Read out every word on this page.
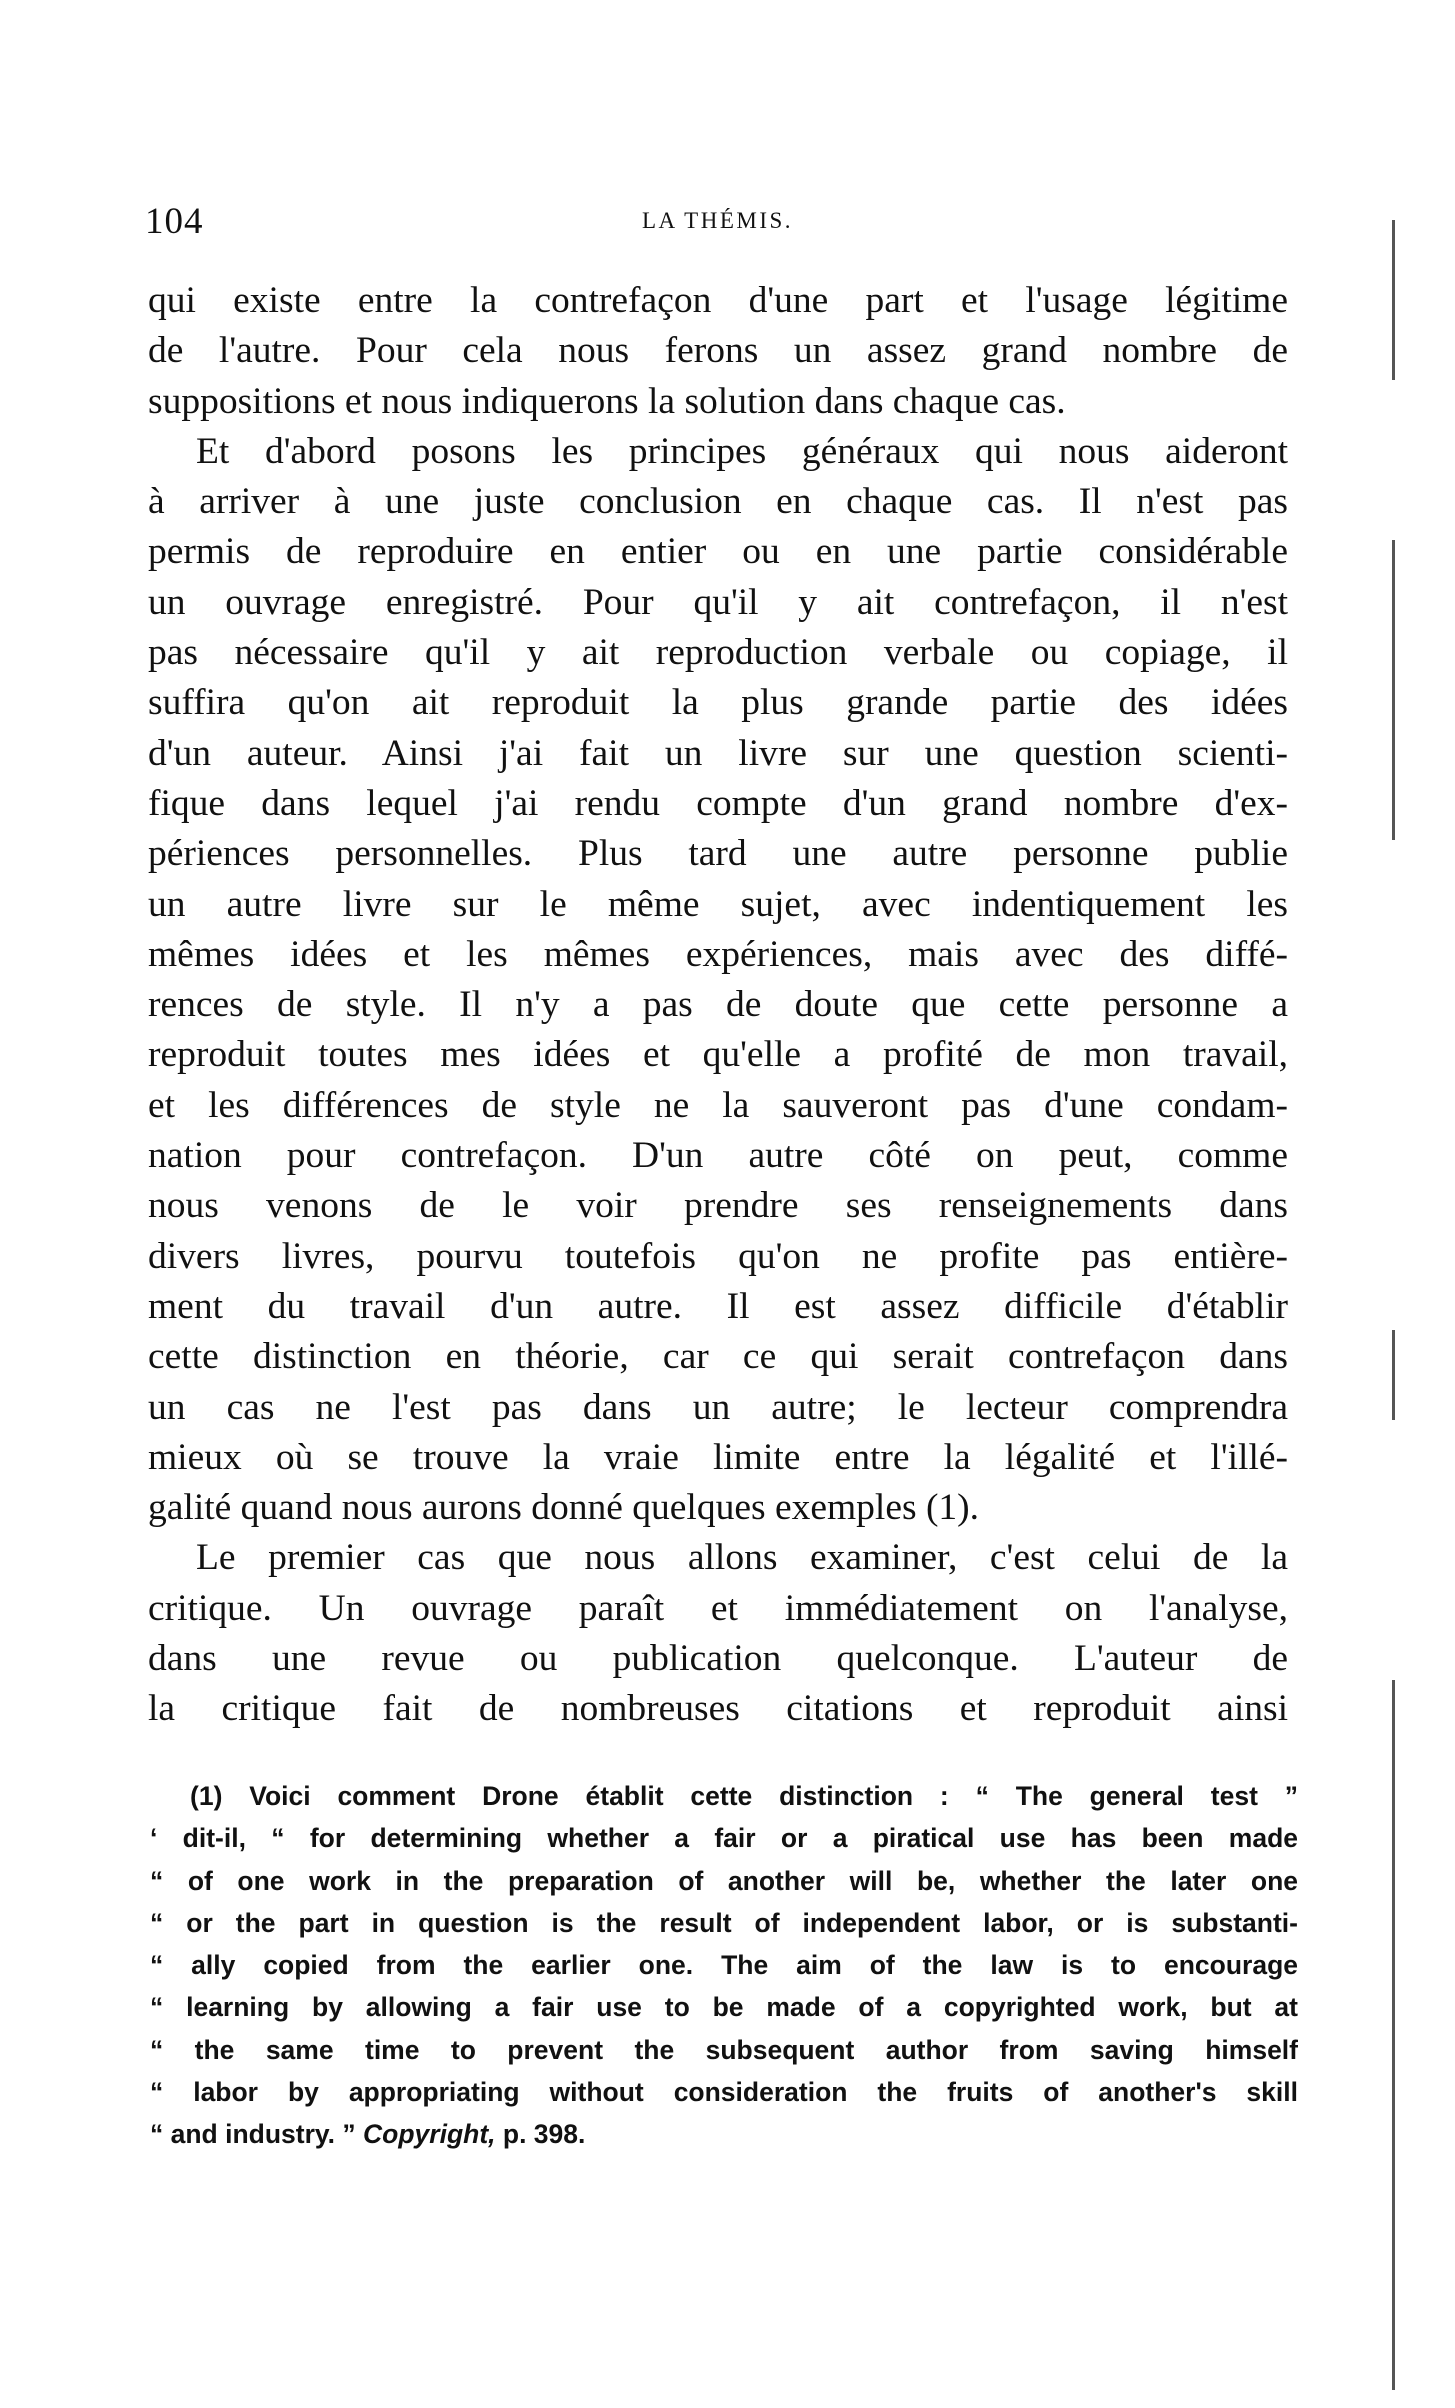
104	LA THÉMIS.
qui existe entre la contrefaçon d'une part et l'usage légitime
de l'autre. Pour cela nous ferons un assez grand nombre de
suppositions et nous indiquerons la solution dans chaque cas.
Et d'abord posons les principes généraux qui nous aideront
à arriver à une juste conclusion en chaque cas. Il n'est pas
permis de reproduire en entier ou en une partie considérable
un ouvrage enregistré. Pour qu'il y ait contrefaçon, il n'est
pas nécessaire qu'il y ait reproduction verbale ou copiage, il
suffira qu'on ait reproduit la plus grande partie des idées
d'un auteur. Ainsi j'ai fait un livre sur une question scienti-
fique dans lequel j'ai rendu compte d'un grand nombre d'ex-
périences personnelles. Plus tard une autre personne publie
un autre livre sur le même sujet, avec indentiquement les
mêmes idées et les mêmes expériences, mais avec des diffé-
rences de style. Il n'y a pas de doute que cette personne a
reproduit toutes mes idées et qu'elle a profité de mon travail,
et les différences de style ne la sauveront pas d'une condam-
nation pour contrefaçon. D'un autre côté on peut, comme
nous venons de le voir prendre ses renseignements dans
divers livres, pourvu toutefois qu'on ne profite pas entière-
ment du travail d'un autre. Il est assez difficile d'établir
cette distinction en théorie, car ce qui serait contrefaçon dans
un cas ne l'est pas dans un autre; le lecteur comprendra
mieux où se trouve la vraie limite entre la légalité et l'illé-
galité quand nous aurons donné quelques exemples (1).
Le premier cas que nous allons examiner, c'est celui de la
critique. Un ouvrage paraît et immédiatement on l'analyse,
dans une revue ou publication quelconque. L'auteur de
la critique fait de nombreuses citations et reproduit ainsi
(1) Voici comment Drone établit cette distinction : “ The general test ”
‘ dit-il, “ for determining whether a fair or a piratical use has been made
“ of one work in the preparation of another will be, whether the later one
“ or the part in question is the result of independent labor, or is substanti-
“ ally copied from the earlier one. The aim of the law is to encourage
“ learning by allowing a fair use to be made of a copyrighted work, but at
“ the same time to prevent the subsequent author from saving himself
“ labor by appropriating without consideration the fruits of another's skill
“ and industry. ” Copyright, p. 398.
